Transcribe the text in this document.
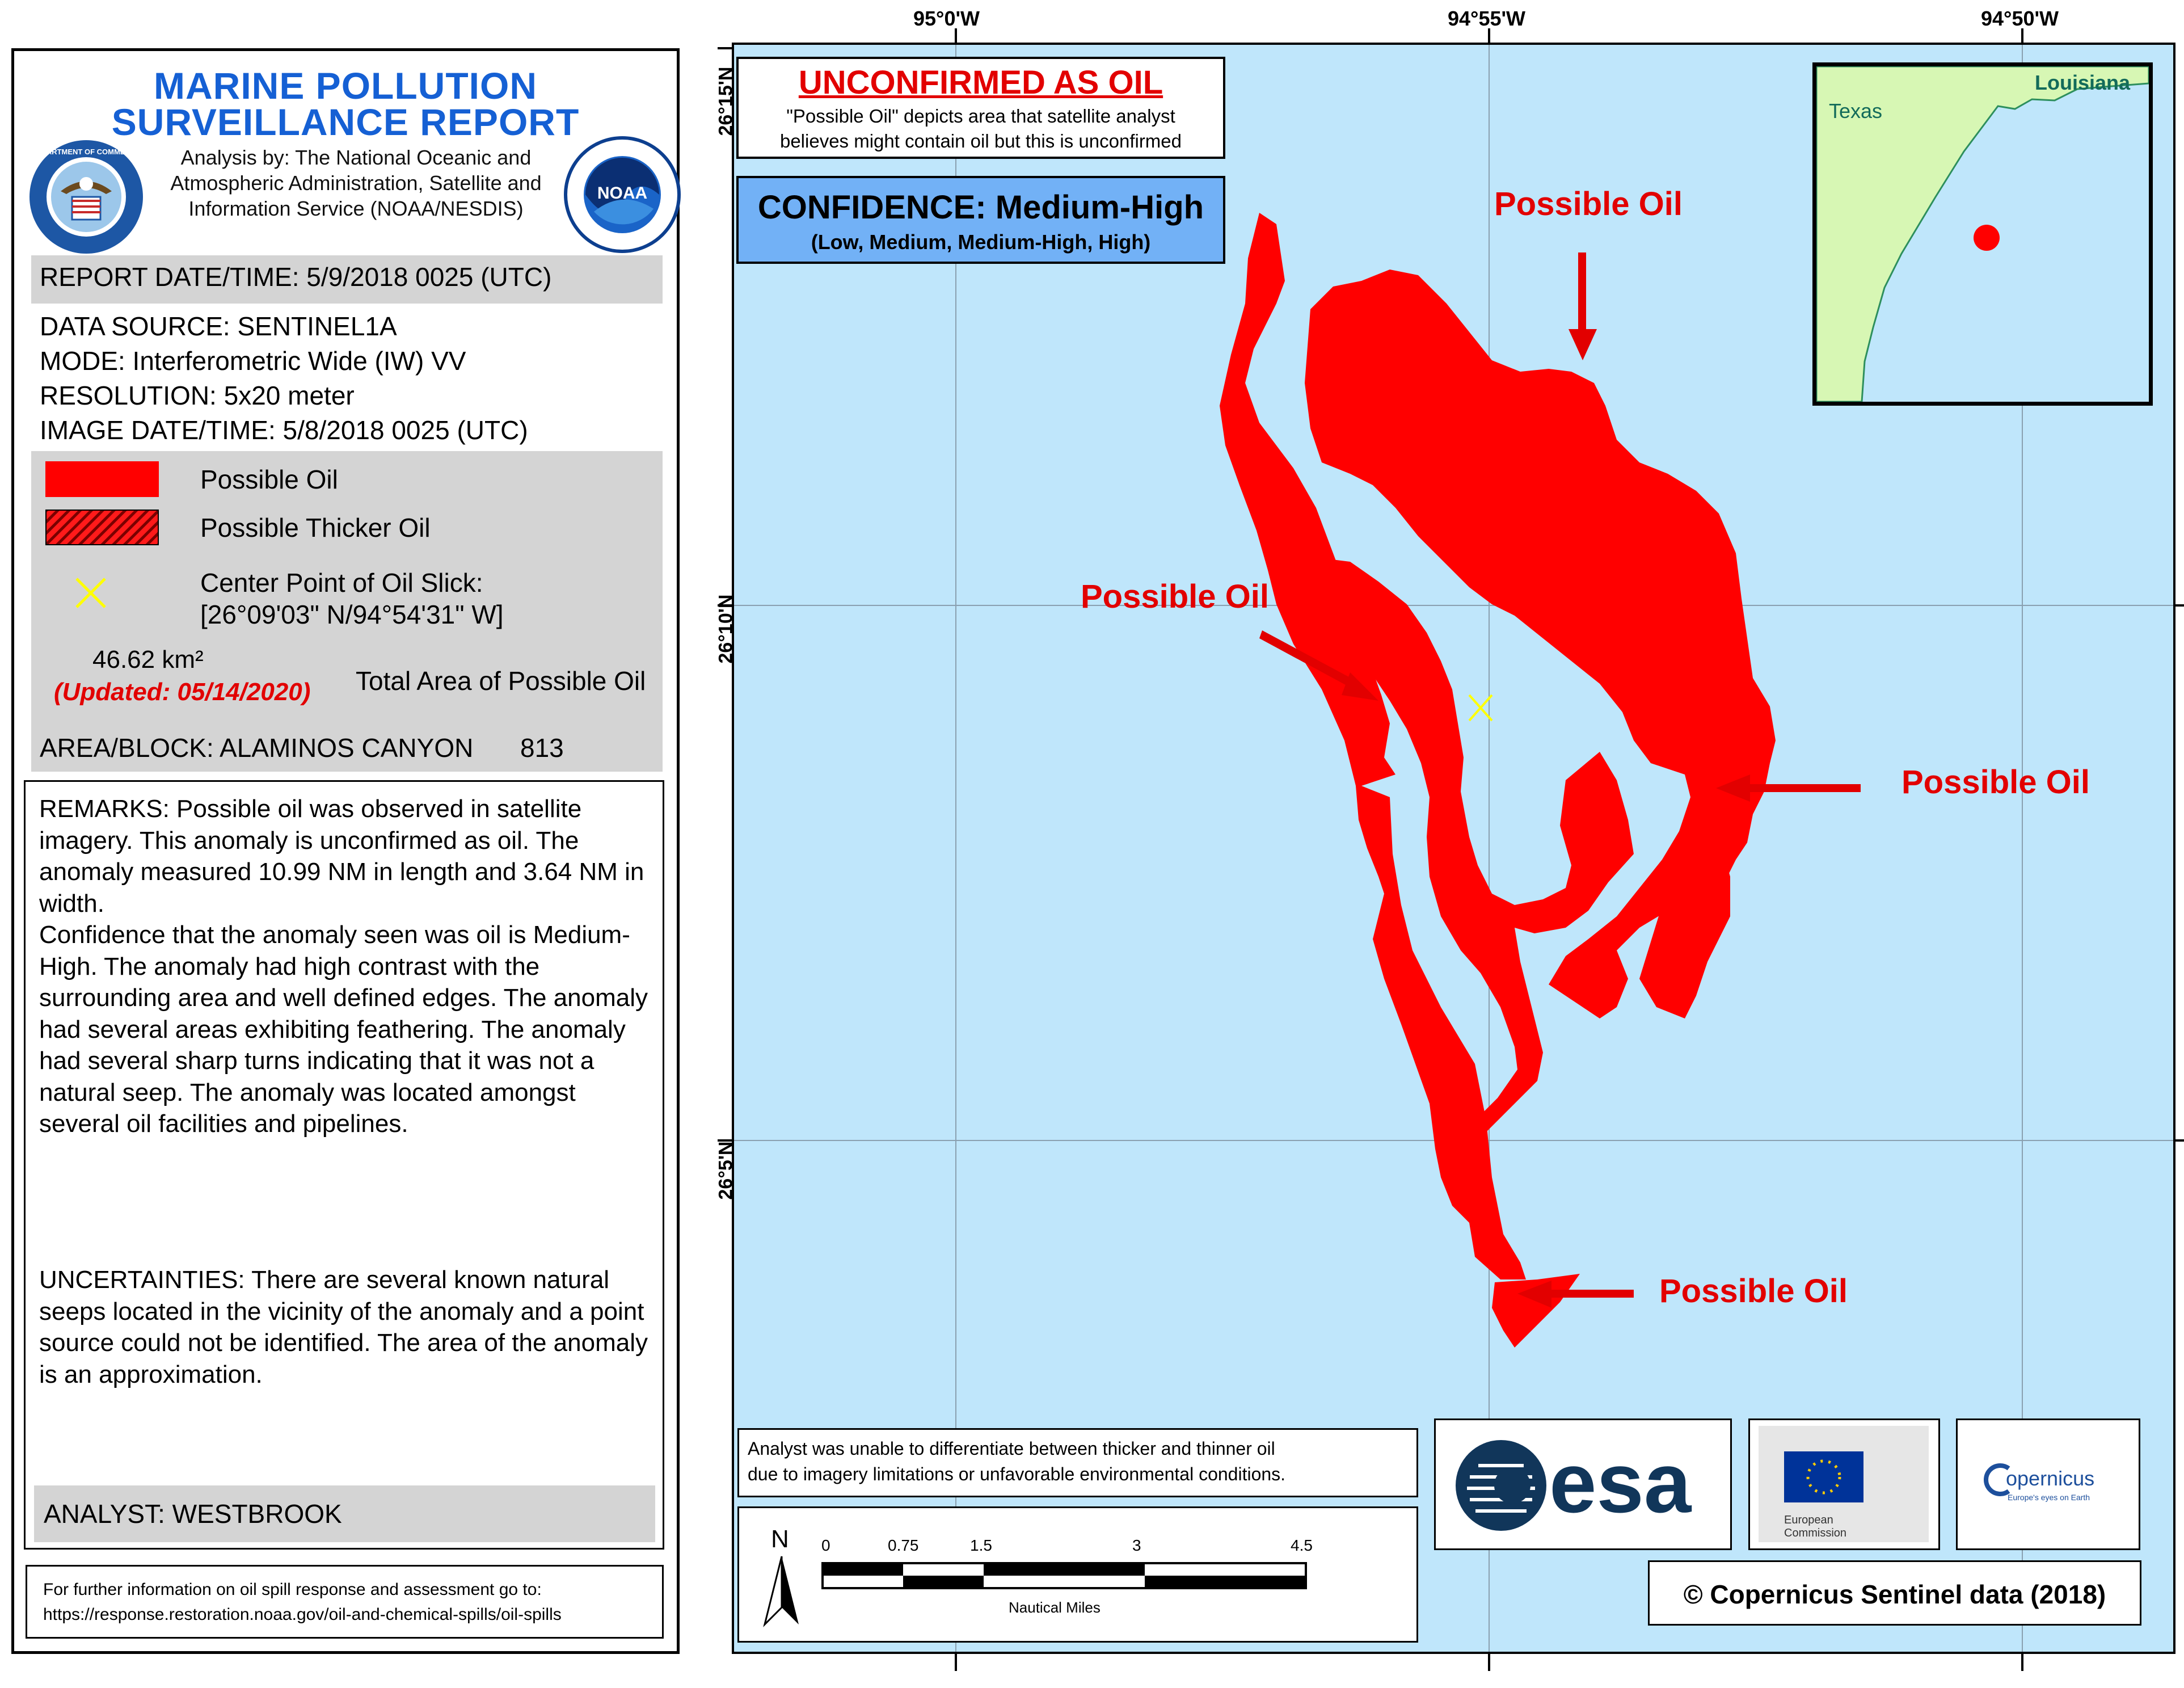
MARINE POLLUTION
SURVEILLANCE REPORT
DEPARTMENT OF COMMERCE	Analysis by: The National Oceanic and
Atmospheric Administration, Satellite and
Information Service (NOAA/NESDIS)
NOAA
REPORT DATE/TIME: 5/9/2018 0025 (UTC)
DATA SOURCE: SENTINEL1A
MODE: Interferometric Wide (IW) VV
RESOLUTION: 5x20 meter
IMAGE DATE/TIME: 5/8/2018 0025 (UTC)
Possible Oil
Possible Thicker Oil
Center Point of Oil Slick:
[26°09'03" N/94°54'31" W]
46.62 km²
(Updated: 05/14/2020) Total Area of Possible Oil
AREA/BLOCK: ALAMINOS CANYON 813

REMARKS: Possible oil was observed in satellite imagery. This anomaly is unconfirmed as oil. The anomaly measured 10.99 NM in length and 3.64 NM in width.

Confidence that the anomaly seen was oil is Medium-High. The anomaly had high contrast with the surrounding area and well defined edges. The anomaly had several areas exhibiting feathering. The anomaly had several sharp turns indicating that it was not a natural seep. The anomaly was located amongst several oil facilities and pipelines.

UNCERTAINTIES: There are several known natural seeps located in the vicinity of the anomaly and a point source could not be identified. The area of the anomaly is an approximation.

ANALYST: WESTBROOK
For further information on oil spill response and assessment go to:
https://response.restoration.noaa.gov/oil-and-chemical-spills/oil-spills
95°0'W	94°55'W	94°50'W
26°15'N
26°10'N
26°5'N
UNCONFIRMED AS OIL
"Possible Oil" depicts area that satellite analyst
believes might contain oil but this is unconfirmed
CONFIDENCE: Medium-High
(Low, Medium, Medium-High, High)
Possible Oil
Possible Oil
Possible Oil
Possible Oil
Texas
Louisiana
Analyst was unable to differentiate between thicker and thinner oil
due to imagery limitations or unfavorable environmental conditions.
N 0	0.75	1.5	3	4.5
Nautical Miles
esa	European
Commission
opernicus
Europe's eyes on Earth
© Copernicus Sentinel data (2018)
